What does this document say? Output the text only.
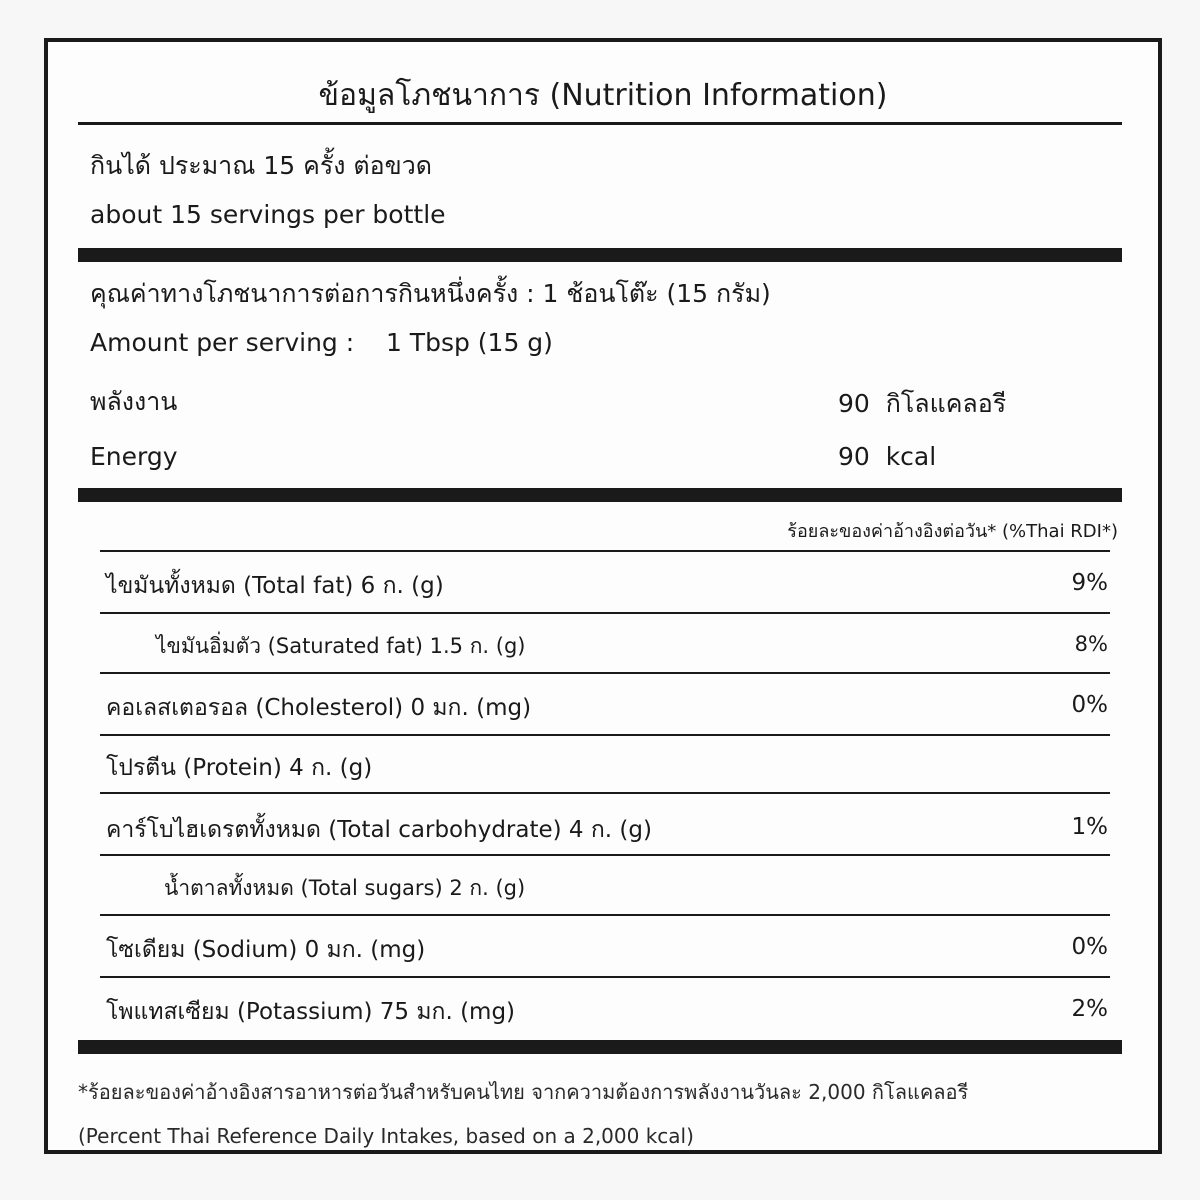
ข้อมูลโภชนาการ (Nutrition Information)
กินได้ ประมาณ 15 ครั้ง ต่อขวด
about 15 servings per bottle
คุณค่าทางโภชนาการต่อการกินหนึ่งครั้ง : 1 ช้อนโต๊ะ (15 กรัม)
Amount per serving :    1 Tbsp (15 g)
พลังงาน	90  กิโลแคลอรี
Energy	90  kcal
ร้อยละของค่าอ้างอิงต่อวัน* (%Thai RDI*)
ไขมันทั้งหมด (Total fat) 6 ก. (g)	9%
ไขมันอิ่มตัว (Saturated fat) 1.5 ก. (g)	8%
คอเลสเตอรอล (Cholesterol) 0 มก. (mg)	0%
โปรตีน (Protein) 4 ก. (g)
คาร์โบไฮเดรตทั้งหมด (Total carbohydrate) 4 ก. (g)	1%
น้ำตาลทั้งหมด (Total sugars) 2 ก. (g)
โซเดียม (Sodium) 0 มก. (mg)	0%
โพแทสเซียม (Potassium) 75 มก. (mg)	2%
*ร้อยละของค่าอ้างอิงสารอาหารต่อวันสำหรับคนไทย จากความต้องการพลังงานวันละ 2,000 กิโลแคลอรี
(Percent Thai Reference Daily Intakes, based on a 2,000 kcal)
